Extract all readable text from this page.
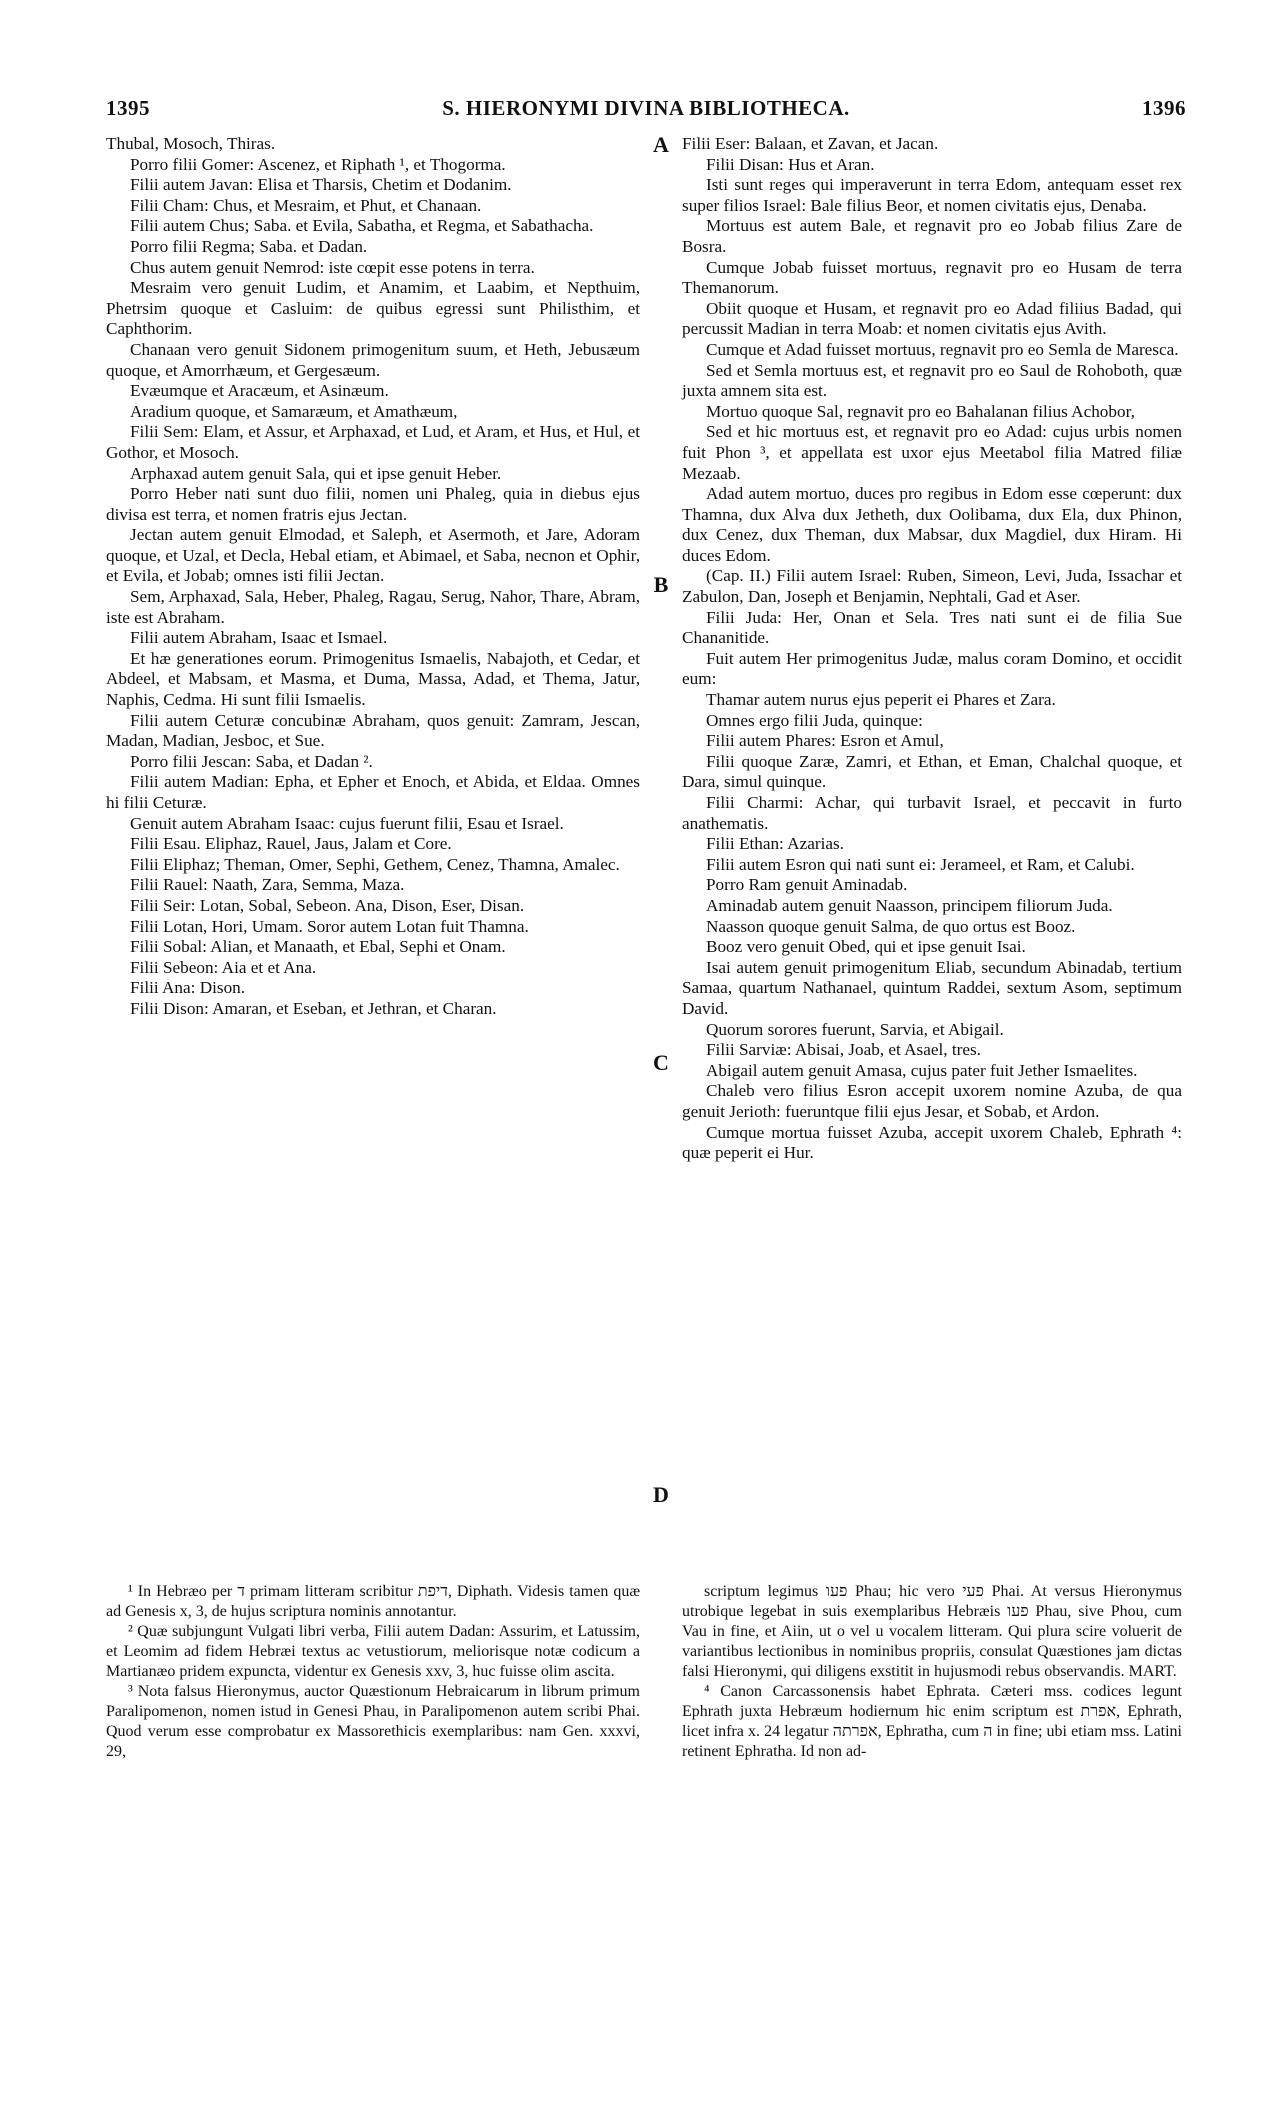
1395	S. HIERONYMI DIVINA BIBLIOTHECA.	1396

Thubal, Mosoch, Thiras.

Porro filii Gomer: Ascenez, et Riphath ¹, et Thogorma.

Filii autem Javan: Elisa et Tharsis, Chetim et Dodanim.

Filii Cham: Chus, et Mesraim, et Phut, et Chanaan.

Filii autem Chus; Saba. et Evila, Sabatha, et Regma, et Sabathacha.

Porro filii Regma; Saba. et Dadan.

Chus autem genuit Nemrod: iste cœpit esse potens in terra.

Mesraim vero genuit Ludim, et Anamim, et Laabim, et Nepthuim, Phetrsim quoque et Casluim: de quibus egressi sunt Philisthim, et Caphthorim.

Chanaan vero genuit Sidonem primogenitum suum, et Heth, Jebusæum quoque, et Amorrhæum, et Gergesæum.

Evæumque et Aracæum, et Asinæum.

Aradium quoque, et Samaræum, et Amathæum,

Filii Sem: Elam, et Assur, et Arphaxad, et Lud, et Aram, et Hus, et Hul, et Gothor, et Mosoch.

Arphaxad autem genuit Sala, qui et ipse genuit Heber.

Porro Heber nati sunt duo filii, nomen uni Phaleg, quia in diebus ejus divisa est terra, et nomen fratris ejus Jectan.

Jectan autem genuit Elmodad, et Saleph, et Asermoth, et Jare, Adoram quoque, et Uzal, et Decla, Hebal etiam, et Abimael, et Saba, necnon et Ophir, et Evila, et Jobab; omnes isti filii Jectan.

Sem, Arphaxad, Sala, Heber, Phaleg, Ragau, Serug, Nahor, Thare, Abram, iste est Abraham.

Filii autem Abraham, Isaac et Ismael.

Et hæ generationes eorum. Primogenitus Ismaelis, Nabajoth, et Cedar, et Abdeel, et Mabsam, et Masma, et Duma, Massa, Adad, et Thema, Jatur, Naphis, Cedma. Hi sunt filii Ismaelis.

Filii autem Ceturæ concubinæ Abraham, quos genuit: Zamram, Jescan, Madan, Madian, Jesboc, et Sue.

Porro filii Jescan: Saba, et Dadan ².

Filii autem Madian: Epha, et Epher et Enoch, et Abida, et Eldaa. Omnes hi filii Ceturæ.

Genuit autem Abraham Isaac: cujus fuerunt filii, Esau et Israel.

Filii Esau. Eliphaz, Rauel, Jaus, Jalam et Core.

Filii Eliphaz; Theman, Omer, Sephi, Gethem, Cenez, Thamna, Amalec.

Filii Rauel: Naath, Zara, Semma, Maza.

Filii Seir: Lotan, Sobal, Sebeon. Ana, Dison, Eser, Disan.

Filii Lotan, Hori, Umam. Soror autem Lotan fuit Thamna.

Filii Sobal: Alian, et Manaath, et Ebal, Sephi et Onam.

Filii Sebeon: Aia et et Ana.

Filii Ana: Dison.

Filii Dison: Amaran, et Eseban, et Jethran, et Charan.

Filii Eser: Balaan, et Zavan, et Jacan.

Filii Disan: Hus et Aran.

Isti sunt reges qui imperaverunt in terra Edom, antequam esset rex super filios Israel: Bale filius Beor, et nomen civitatis ejus, Denaba.

Mortuus est autem Bale, et regnavit pro eo Jobab filius Zare de Bosra.

Cumque Jobab fuisset mortuus, regnavit pro eo Husam de terra Themanorum.

Obiit quoque et Husam, et regnavit pro eo Adad filiius Badad, qui percussit Madian in terra Moab: et nomen civitatis ejus Avith.

Cumque et Adad fuisset mortuus, regnavit pro eo Semla de Maresca.

Sed et Semla mortuus est, et regnavit pro eo Saul de Rohoboth, quæ juxta amnem sita est.

Mortuo quoque Sal, regnavit pro eo Bahalanan filius Achobor,

Sed et hic mortuus est, et regnavit pro eo Adad: cujus urbis nomen fuit Phon ³, et appellata est uxor ejus Meetabol filia Matred filiæ Mezaab.

Adad autem mortuo, duces pro regibus in Edom esse cœperunt: dux Thamna, dux Alva dux Jetheth, dux Oolibama, dux Ela, dux Phinon, dux Cenez, dux Theman, dux Mabsar, dux Magdiel, dux Hiram. Hi duces Edom.

(Cap. II.) Filii autem Israel: Ruben, Simeon, Levi, Juda, Issachar et Zabulon, Dan, Joseph et Benjamin, Nephtali, Gad et Aser.

Filii Juda: Her, Onan et Sela. Tres nati sunt ei de filia Sue Chananitide.

Fuit autem Her primogenitus Judæ, malus coram Domino, et occidit eum:

Thamar autem nurus ejus peperit ei Phares et Zara.

Omnes ergo filii Juda, quinque:

Filii autem Phares: Esron et Amul,

Filii quoque Zaræ, Zamri, et Ethan, et Eman, Chalchal quoque, et Dara, simul quinque.

Filii Charmi: Achar, qui turbavit Israel, et peccavit in furto anathematis.

Filii Ethan: Azarias.

Filii autem Esron qui nati sunt ei: Jerameel, et Ram, et Calubi.

Porro Ram genuit Aminadab.

Aminadab autem genuit Naasson, principem filiorum Juda.

Naasson quoque genuit Salma, de quo ortus est Booz.

Booz vero genuit Obed, qui et ipse genuit Isai.

Isai autem genuit primogenitum Eliab, secundum Abinadab, tertium Samaa, quartum Nathanael, quintum Raddei, sextum Asom, septimum David.

Quorum sorores fuerunt, Sarvia, et Abigail.

Filii Sarviæ: Abisai, Joab, et Asael, tres.

Abigail autem genuit Amasa, cujus pater fuit Jether Ismaelites.

Chaleb vero filius Esron accepit uxorem nomine Azuba, de qua genuit Jerioth: fueruntque filii ejus Jesar, et Sobab, et Ardon.

Cumque mortua fuisset Azuba, accepit uxorem Chaleb, Ephrath ⁴: quæ peperit ei Hur.

A
B
C
D

¹ In Hebræo per ד primam litteram scribitur דיפת, Diphath. Videsis tamen quæ ad Genesis x, 3, de hujus scriptura nominis annotantur.

² Quæ subjungunt Vulgati libri verba, Filii autem Dadan: Assurim, et Latussim, et Leomim ad fidem Hebræi textus ac vetustiorum, meliorisque notæ codicum a Martianæo pridem expuncta, videntur ex Genesis xxv, 3, huc fuisse olim ascita.

³ Nota falsus Hieronymus, auctor Quæstionum Hebraicarum in librum primum Paralipomenon, nomen istud in Genesi Phau, in Paralipomenon autem scribi Phai. Quod verum esse comprobatur ex Massorethicis exemplaribus: nam Gen. xxxvi, 29,

scriptum legimus פעו Phau; hic vero פעי Phai. At versus Hieronymus utrobique legebat in suis exemplaribus Hebræis פעו Phau, sive Phou, cum Vau in fine, et Aiin, ut o vel u vocalem litteram. Qui plura scire voluerit de variantibus lectionibus in nominibus propriis, consulat Quæstiones jam dictas falsi Hieronymi, qui diligens exstitit in hujusmodi rebus observandis. MART.

⁴ Canon Carcassonensis habet Ephrata. Cæteri mss. codices legunt Ephrath juxta Hebræum hodiernum hic enim scriptum est אפרת, Ephrath, licet infra x. 24 legatur אפרתה, Ephratha, cum ה in fine; ubi etiam mss. Latini retinent Ephratha. Id non ad-
